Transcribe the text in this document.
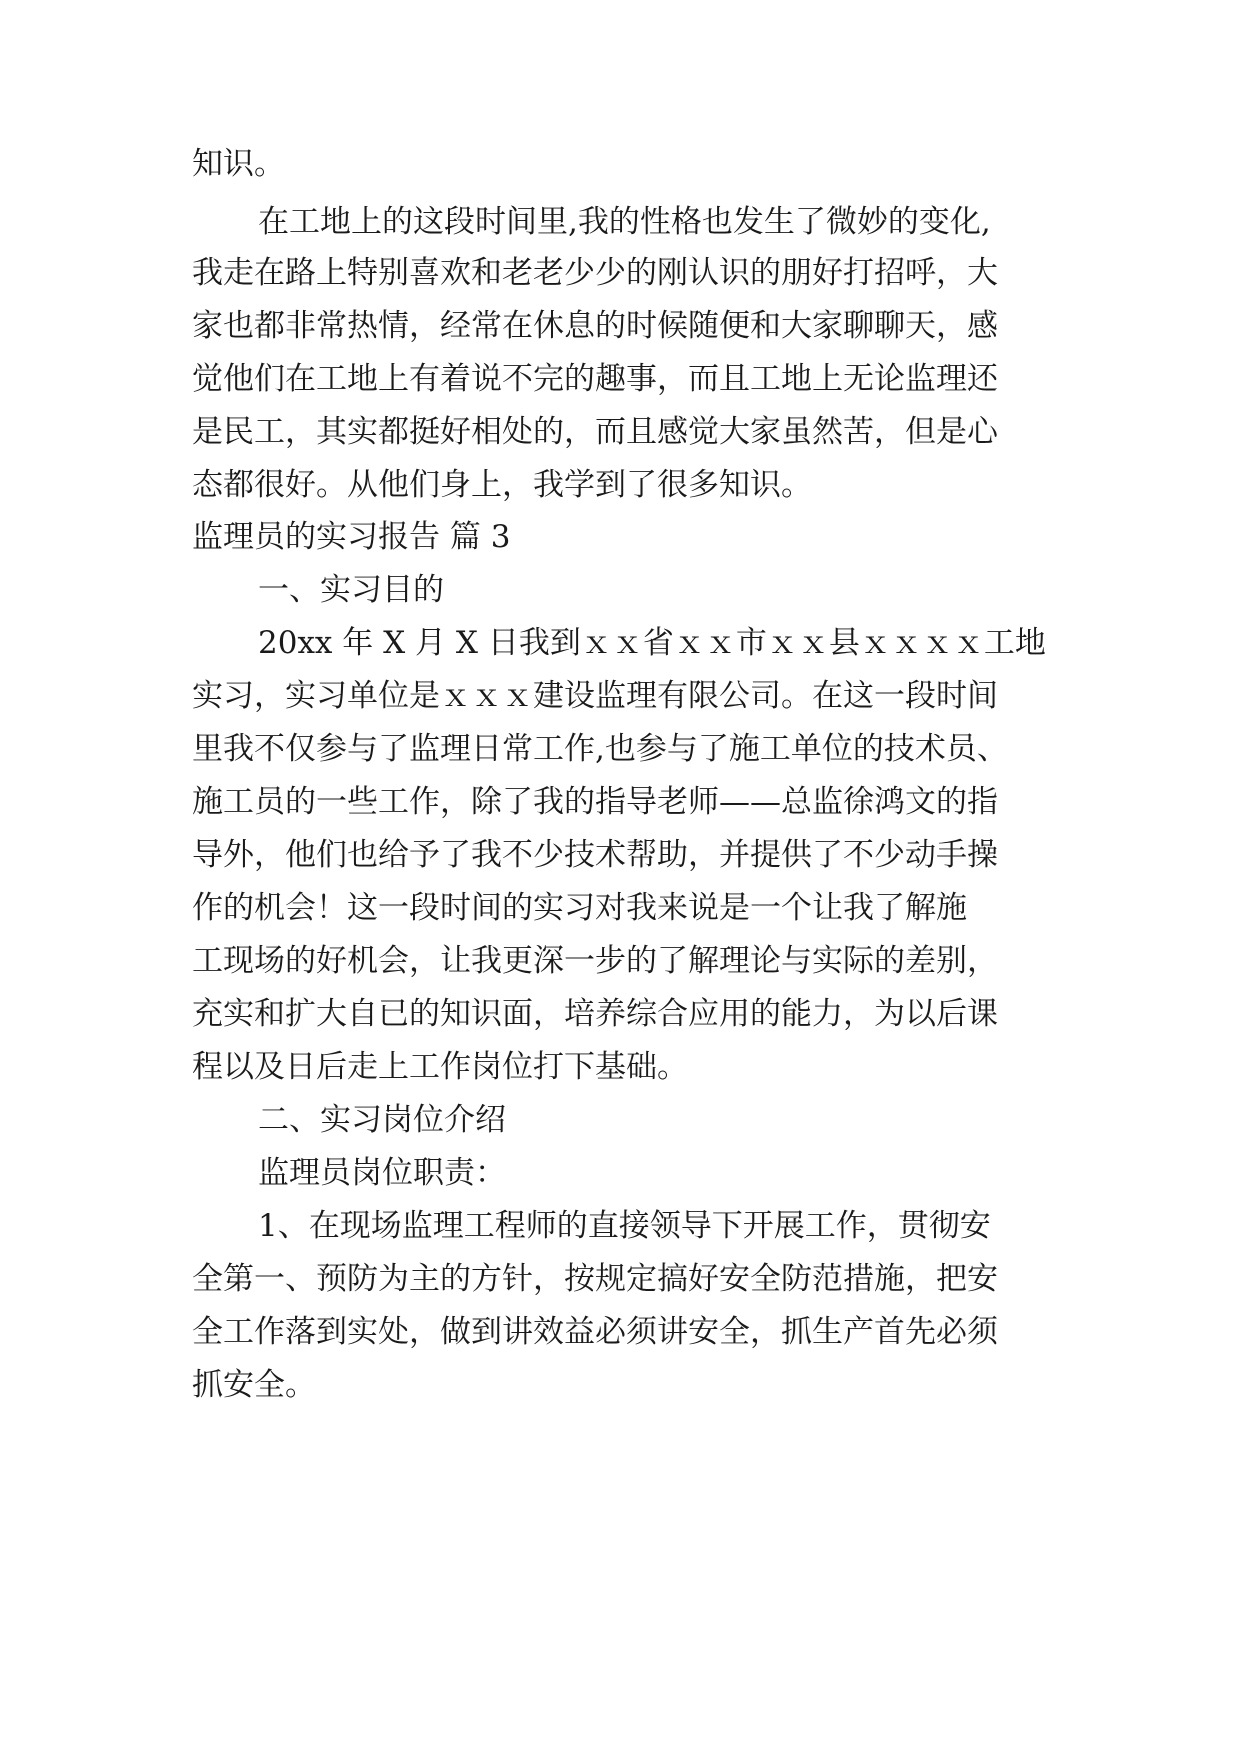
知识。
在工地上的这段时间里,我的性格也发生了微妙的变化,
我走在路上特别喜欢和老老少少的刚认识的朋好打招呼，大
家也都非常热情，经常在休息的时候随便和大家聊聊天，感
觉他们在工地上有着说不完的趣事，而且工地上无论监理还
是民工，其实都挺好相处的，而且感觉大家虽然苦，但是心
态都很好。从他们身上，我学到了很多知识。
监理员的实习报告 篇 3
一、实习目的
20xx 年 X 月 X 日我到ｘｘ省ｘｘ市ｘｘ县ｘｘｘｘ工地
实习，实习单位是ｘｘｘ建设监理有限公司。在这一段时间
里我不仅参与了监理日常工作,也参与了施工单位的技术员、
施工员的一些工作，除了我的指导老师——总监徐鸿文的指
导外，他们也给予了我不少技术帮助，并提供了不少动手操
作的机会！这一段时间的实习对我来说是一个让我了解施
工现场的好机会，让我更深一步的了解理论与实际的差别，
充实和扩大自已的知识面，培养综合应用的能力，为以后课
程以及日后走上工作岗位打下基础。
二、实习岗位介绍
监理员岗位职责：
1、在现场监理工程师的直接领导下开展工作，贯彻安
全第一、预防为主的方针，按规定搞好安全防范措施，把安
全工作落到实处，做到讲效益必须讲安全，抓生产首先必须
抓安全。
